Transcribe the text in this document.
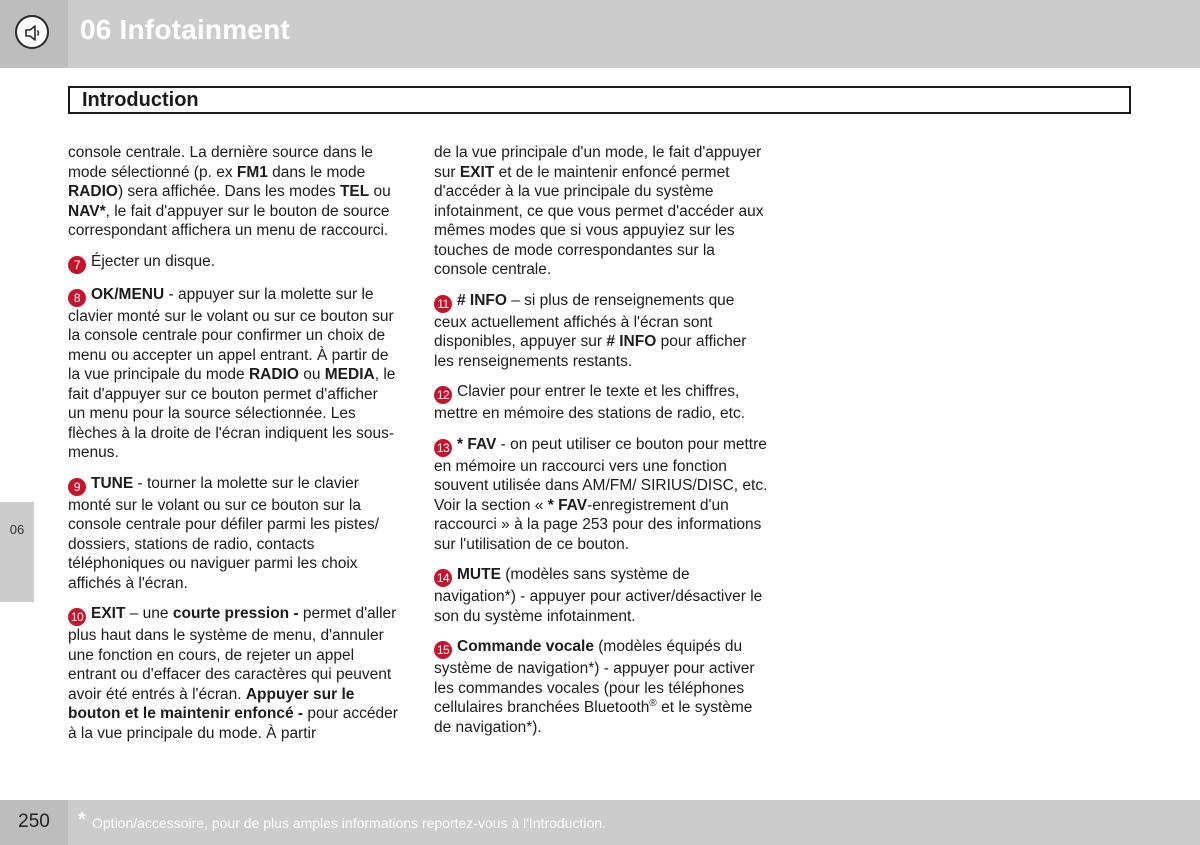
06 Infotainment
Introduction
06

console centrale. La dernière source dans le mode sélectionné (p. ex FM1 dans le mode RADIO) sera affichée. Dans les modes TEL ou NAV*, le fait d'appuyer sur le bouton de source correspondant affichera un menu de raccourci.

7 Éjecter un disque.

8 OK/MENU - appuyer sur la molette sur le clavier monté sur le volant ou sur ce bouton sur la console centrale pour confirmer un choix de menu ou accepter un appel entrant. À partir de la vue principale du mode RADIO ou MEDIA, le fait d'appuyer sur ce bouton permet d'afficher un menu pour la source sélectionnée. Les flèches à la droite de l'écran indiquent les sous-menus.

9 TUNE - tourner la molette sur le clavier monté sur le volant ou sur ce bouton sur la console centrale pour défiler parmi les pistes/ dossiers, stations de radio, contacts téléphoniques ou naviguer parmi les choix affichés à l'écran.

10 EXIT – une courte pression - permet d'aller plus haut dans le système de menu, d'annuler une fonction en cours, de rejeter un appel entrant ou d'effacer des caractères qui peuvent avoir été entrés à l'écran. Appuyer sur le bouton et le maintenir enfoncé - pour accéder à la vue principale du mode. À partir

de la vue principale d'un mode, le fait d'appuyer sur EXIT et de le maintenir enfoncé permet d'accéder à la vue principale du système infotainment, ce que vous permet d'accéder aux mêmes modes que si vous appuyiez sur les touches de mode correspondantes sur la console centrale.

11 # INFO – si plus de renseignements que ceux actuellement affichés à l'écran sont disponibles, appuyer sur # INFO pour afficher les renseignements restants.

12 Clavier pour entrer le texte et les chiffres, mettre en mémoire des stations de radio, etc.

13 * FAV - on peut utiliser ce bouton pour mettre en mémoire un raccourci vers une fonction souvent utilisée dans AM/FM/ SIRIUS/DISC, etc. Voir la section « * FAV-enregistrement d'un raccourci » à la page 253 pour des informations sur l'utilisation de ce bouton.

14 MUTE (modèles sans système de navigation*) - appuyer pour activer/désactiver le son du système infotainment.

15 Commande vocale (modèles équipés du système de navigation*) - appuyer pour activer les commandes vocales (pour les téléphones cellulaires branchées Bluetooth® et le système de navigation*).

250	* Option/accessoire, pour de plus amples informations reportez-vous à l'Introduction.
